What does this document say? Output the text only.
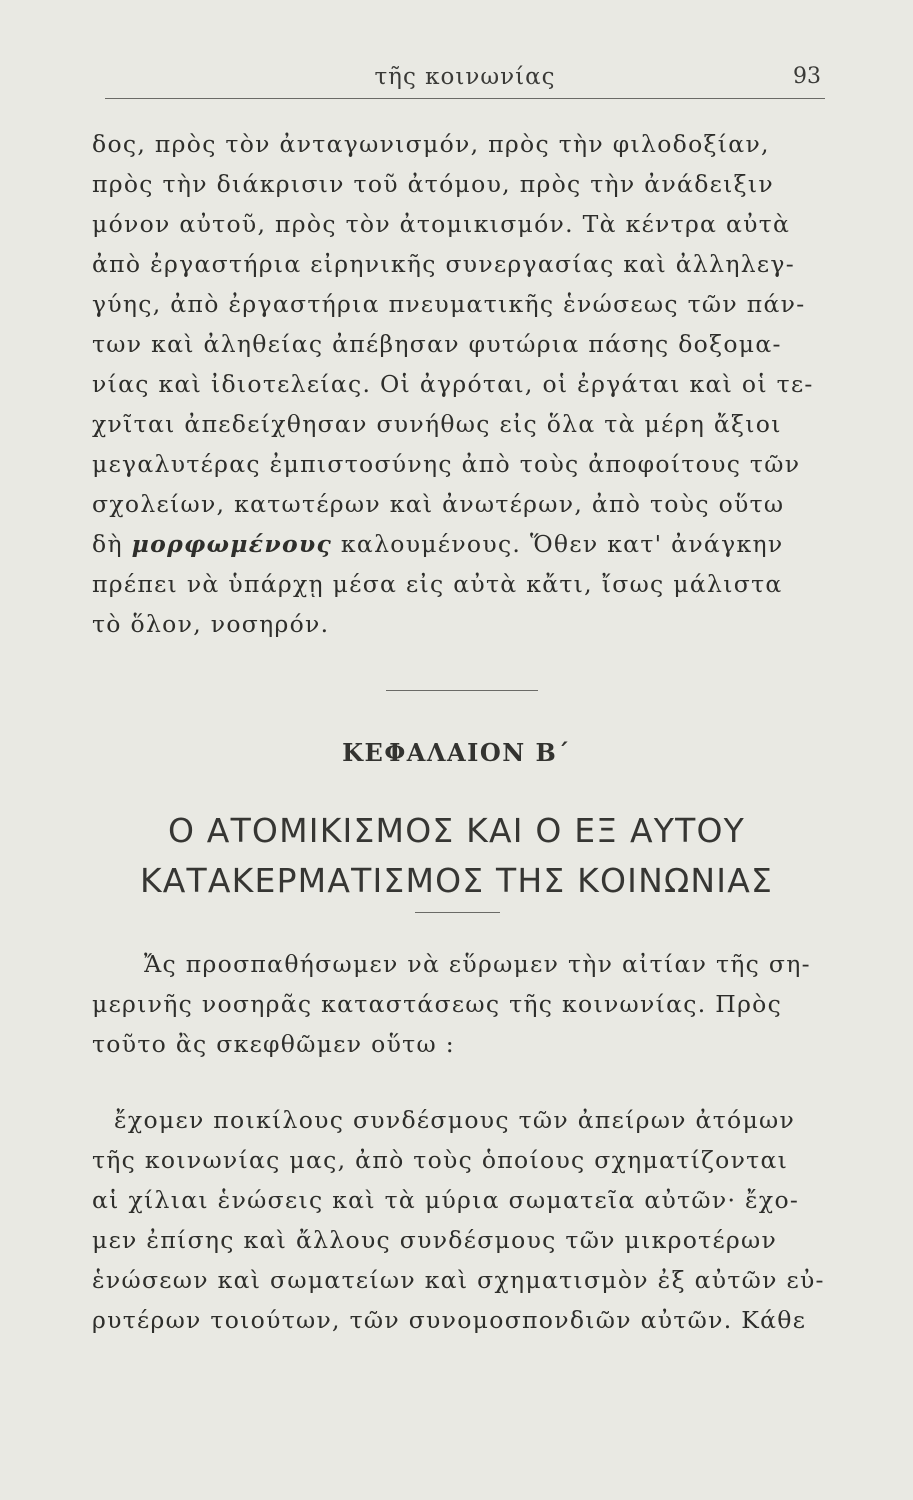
τῆς κοινωνίας	93
δος, πρὸς τὸν ἀνταγωνισμόν, πρὸς τὴν φιλοδοξίαν,
πρὸς τὴν διάκρισιν τοῦ ἀτόμου, πρὸς τὴν ἀνάδειξιν
μόνον αὐτοῦ, πρὸς τὸν ἀτομικισμόν. Τὰ κέντρα αὐτὰ
ἀπὸ ἐργαστήρια εἰρηνικῆς συνεργασίας καὶ ἀλληλεγ-
γύης, ἀπὸ ἐργαστήρια πνευματικῆς ἑνώσεως τῶν πάν-
των καὶ ἀληθείας ἀπέβησαν φυτώρια πάσης δοξομα-
νίας καὶ ἰδιοτελείας. Οἱ ἀγρόται, οἱ ἐργάται καὶ οἱ τε-
χνῖται ἀπεδείχθησαν συνήθως εἰς ὅλα τὰ μέρη ἄξιοι
μεγαλυτέρας ἐμπιστοσύνης ἀπὸ τοὺς ἀποφοίτους τῶν
σχολείων, κατωτέρων καὶ ἀνωτέρων, ἀπὸ τοὺς οὕτω
δὴ μορφωμένους καλουμένους. Ὅθεν κατ' ἀνάγκην
πρέπει νὰ ὑπάρχῃ μέσα εἰς αὐτὰ κἄτι, ἴσως μάλιστα
τὸ ὅλον, νοσηρόν.
ΚΕΦΑΛΑΙΟΝ Β΄
Ο ΑΤΟΜΙΚΙΣΜΟΣ ΚΑΙ Ο ΕΞ ΑΥΤΟΥ
ΚΑΤΑΚΕΡΜΑΤΙΣΜΟΣ ΤΗΣ ΚΟΙΝΩΝΙΑΣ
Ἄς προσπαθήσωμεν νὰ εὕρωμεν τὴν αἰτίαν τῆς ση-
μερινῆς νοσηρᾶς καταστάσεως τῆς κοινωνίας. Πρὸς
τοῦτο ἂς σκεφθῶμεν οὕτω :
ἔχομεν ποικίλους συνδέσμους τῶν ἀπείρων ἀτόμων
τῆς κοινωνίας μας, ἀπὸ τοὺς ὁποίους σχηματίζονται
αἱ χίλιαι ἑνώσεις καὶ τὰ μύρια σωματεῖα αὐτῶν· ἔχο-
μεν ἐπίσης καὶ ἄλλους συνδέσμους τῶν μικροτέρων
ἑνώσεων καὶ σωματείων καὶ σχηματισμὸν ἐξ αὐτῶν εὐ-
ρυτέρων τοιούτων, τῶν συνομοσπονδιῶν αὐτῶν. Κάθε
